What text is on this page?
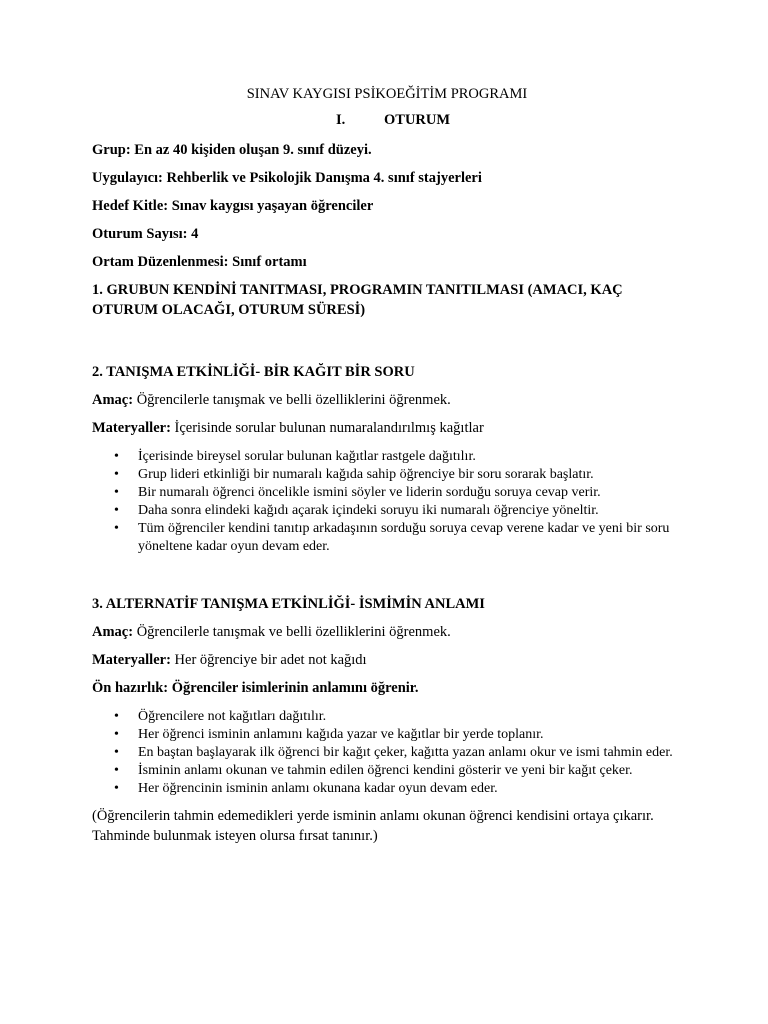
SINAV KAYGISI PSİKOEĞİTİM PROGRAMI

I.	OTURUM

Grup: En az 40 kişiden oluşan 9. sınıf düzeyi.

Uygulayıcı: Rehberlik ve Psikolojik Danışma 4. sınıf stajyerleri

Hedef Kitle: Sınav kaygısı yaşayan öğrenciler

Oturum Sayısı: 4

Ortam Düzenlenmesi: Sınıf ortamı

1. GRUBUN KENDİNİ TANITMASI, PROGRAMIN TANITILMASI (AMACI, KAÇ

OTURUM OLACAĞI, OTURUM SÜRESİ)

2. TANIŞMA ETKİNLİĞİ- BİR KAĞIT BİR SORU

Amaç: Öğrencilerle tanışmak ve belli özelliklerini öğrenmek.

Materyaller: İçerisinde sorular bulunan numaralandırılmış kağıtlar

• İçerisinde bireysel sorular bulunan kağıtlar rastgele dağıtılır.
• Grup lideri etkinliği bir numaralı kağıda sahip öğrenciye bir soru sorarak başlatır.
• Bir numaralı öğrenci öncelikle ismini söyler ve liderin sorduğu soruya cevap verir.
• Daha sonra elindeki kağıdı açarak içindeki soruyu iki numaralı öğrenciye yöneltir.
• Tüm öğrenciler kendini tanıtıp arkadaşının sorduğu soruya cevap verene kadar ve yeni bir soru yöneltene kadar oyun devam eder.

3. ALTERNATİF TANIŞMA ETKİNLİĞİ- İSMİMİN ANLAMI

Amaç: Öğrencilerle tanışmak ve belli özelliklerini öğrenmek.

Materyaller: Her öğrenciye bir adet not kağıdı

Ön hazırlık: Öğrenciler isimlerinin anlamını öğrenir.

• Öğrencilere not kağıtları dağıtılır.
• Her öğrenci isminin anlamını kağıda yazar ve kağıtlar bir yerde toplanır.
• En baştan başlayarak ilk öğrenci bir kağıt çeker, kağıtta yazan anlamı okur ve ismi tahmin eder.
• İsminin anlamı okunan ve tahmin edilen öğrenci kendini gösterir ve yeni bir kağıt çeker.
• Her öğrencinin isminin anlamı okunana kadar oyun devam eder.

(Öğrencilerin tahmin edemedikleri yerde isminin anlamı okunan öğrenci kendisini ortaya çıkarır. Tahminde bulunmak isteyen olursa fırsat tanınır.)
